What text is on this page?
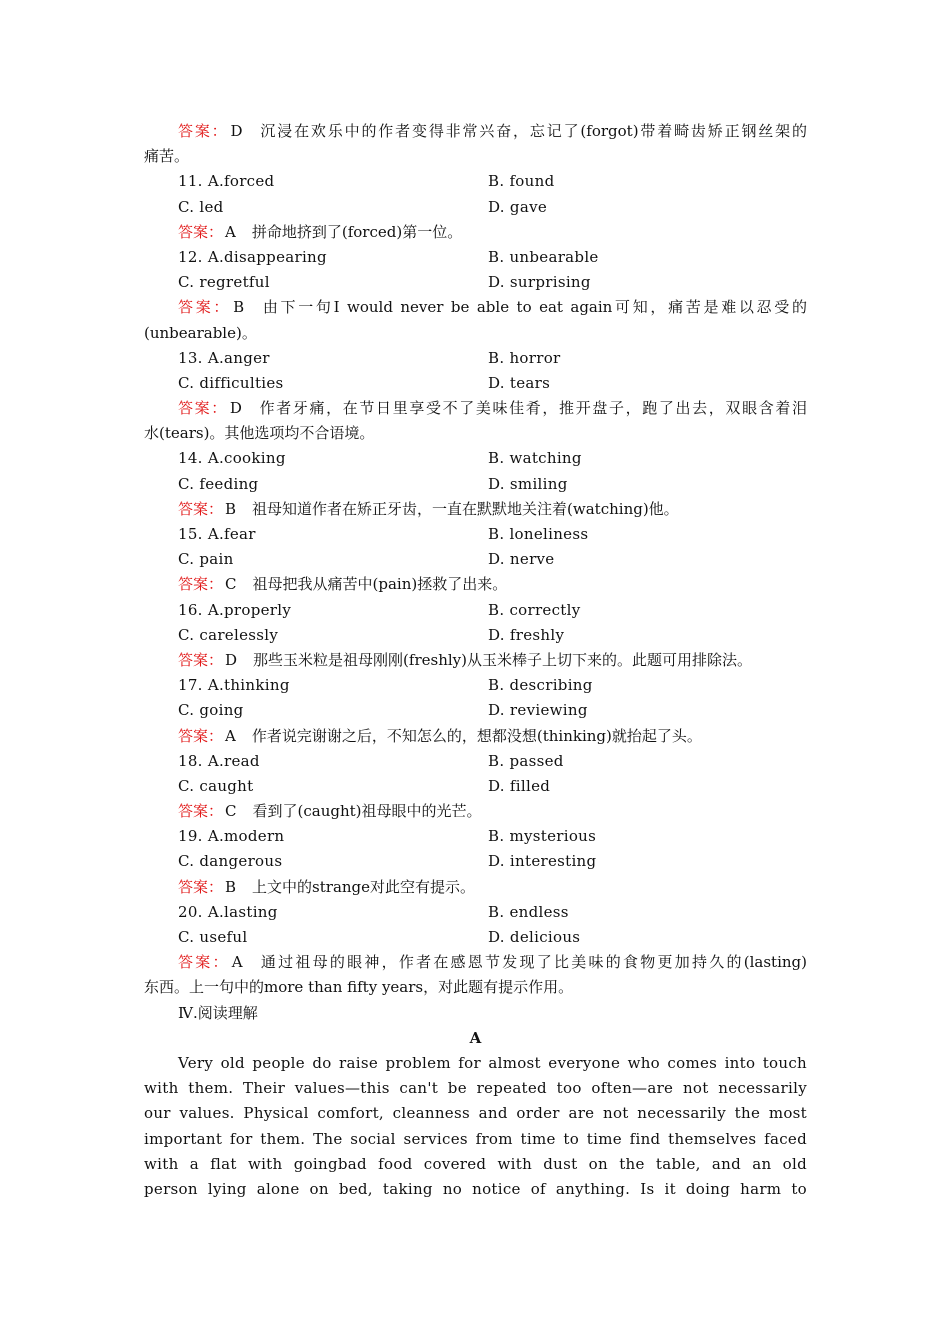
答案： D 沉浸在欢乐中的作者变得非常兴奋，忘记了(forgot)带着畸齿矫正钢丝架的
痛苦。
11. A.forced	B. found
C. led	D. gave
答案： A 拼命地挤到了(forced)第一位。
12. A.disappearing	B. unbearable
C. regretful	D. surprising
答案： B 由下一句I would never be able to eat again可知，痛苦是难以忍受的
(unbearable)。
13. A.anger	B. horror
C. difficulties	D. tears
答案： D 作者牙痛，在节日里享受不了美味佳肴，推开盘子，跑了出去，双眼含着泪
水(tears)。其他选项均不合语境。
14. A.cooking	B. watching
C. feeding	D. smiling
答案： B 祖母知道作者在矫正牙齿，一直在默默地关注着(watching)他。
15. A.fear	B. loneliness
C. pain	D. nerve
答案： C 祖母把我从痛苦中(pain)拯救了出来。
16. A.properly	B. correctly
C. carelessly	D. freshly
答案： D 那些玉米粒是祖母刚刚(freshly)从玉米棒子上切下来的。此题可用排除法。
17. A.thinking	B. describing
C. going	D. reviewing
答案： A 作者说完谢谢之后，不知怎么的，想都没想(thinking)就抬起了头。
18. A.read	B. passed
C. caught	D. filled
答案： C 看到了(caught)祖母眼中的光芒。
19. A.modern	B. mysterious
C. dangerous	D. interesting
答案： B 上文中的strange对此空有提示。
20. A.lasting	B. endless
C. useful	D. delicious
答案： A 通过祖母的眼神，作者在感恩节发现了比美味的食物更加持久的(lasting)
东西。上一句中的more than fifty years，对此题有提示作用。
Ⅳ.阅读理解
A
Very old people do raise problem for almost everyone who comes into touch
with them. Their values—this can't be repeated too often—are not necessarily
our values. Physical comfort, cleanness and order are not necessarily the most
important for them. The social services from time to time find themselves faced
with a flat with goingbad food covered with dust on the table, and an old
person lying alone on bed, taking no notice of anything. Is it doing harm to
